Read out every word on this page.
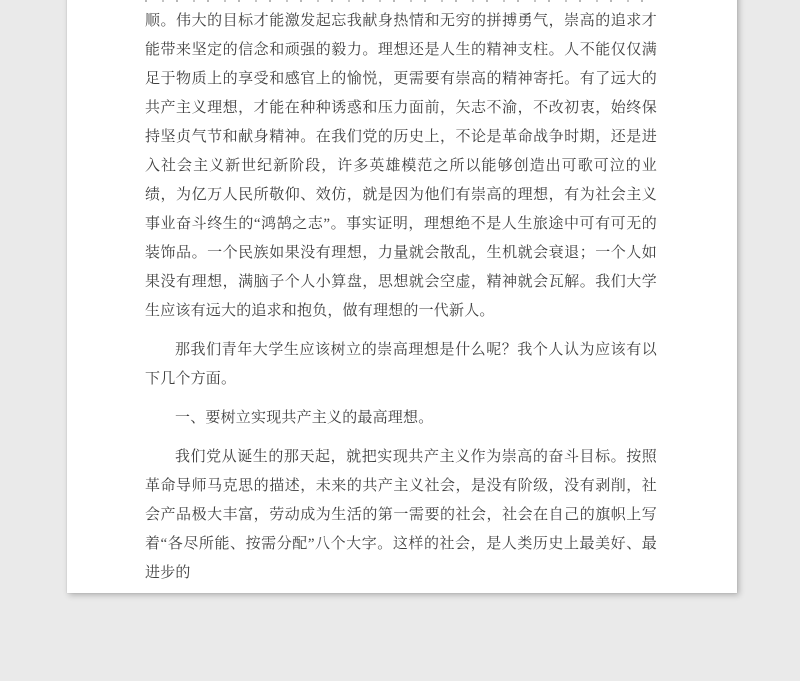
顺。伟大的目标才能激发起忘我献身热情和无穷的拼搏勇气，崇高的追求才能带来坚定的信念和顽强的毅力。理想还是人生的精神支柱。人不能仅仅满足于物质上的享受和感官上的愉悦，更需要有崇高的精神寄托。有了远大的共产主义理想，才能在种种诱惑和压力面前，矢志不渝，不改初衷，始终保持坚贞气节和献身精神。在我们党的历史上，不论是革命战争时期，还是进入社会主义新世纪新阶段，许多英雄模范之所以能够创造出可歌可泣的业绩，为亿万人民所敬仰、效仿，就是因为他们有崇高的理想，有为社会主义事业奋斗终生的“鸿鹄之志”。事实证明，理想绝不是人生旅途中可有可无的装饰品。一个民族如果没有理想，力量就会散乱，生机就会衰退；一个人如果没有理想，满脑子个人小算盘，思想就会空虚，精神就会瓦解。我们大学生应该有远大的追求和抱负，做有理想的一代新人。

那我们青年大学生应该树立的崇高理想是什么呢？我个人认为应该有以下几个方面。

一、要树立实现共产主义的最高理想。

我们党从诞生的那天起，就把实现共产主义作为崇高的奋斗目标。按照革命导师马克思的描述，未来的共产主义社会，是没有阶级，没有剥削，社会产品极大丰富，劳动成为生活的第一需要的社会，社会在自己的旗帜上写着“各尽所能、按需分配”八个大字。这样的社会，是人类历史上最美好、最进步的
